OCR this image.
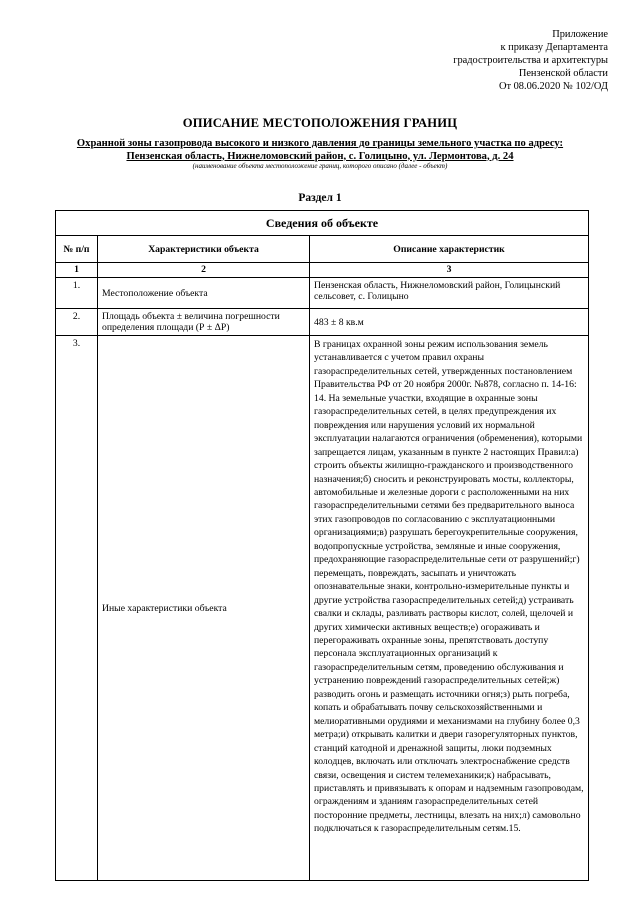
Приложение
к приказу Департамента
градостроительства и архитектуры
Пензенской области
От 08.06.2020 № 102/ОД
ОПИСАНИЕ МЕСТОПОЛОЖЕНИЯ ГРАНИЦ
Охранной зоны газопровода высокого и низкого давления до границы земельного участка по адресу:
Пензенская область, Нижнеломовский район, с. Голицыно, ул. Лермонтова, д. 24
(наименование объекта местоположение границ, которого описано (далее - объект)
Раздел 1
Сведения об объекте		
№ п/п	Характеристики объекта	Описание характеристик
1	2	3
1.	Местоположение объекта	Пензенская область, Нижнеломовский район, Голицынский сельсовет, с. Голицыно
2.	Площадь объекта ± величина погрешности определения площади (Р ± ΔР)	483 ± 8 кв.м
3.	Иные характеристики объекта	В границах охранной зоны режим использования земель устанавливается с учетом правил охраны газораспределительных сетей, утвержденных постановлением Правительства РФ от 20 ноября 2000г. №878, согласно п. 14-16: 14. На земельные участки, входящие в охранные зоны газораспределительных сетей, в целях предупреждения их повреждения или нарушения условий их нормальной эксплуатации налагаются ограничения (обременения), которыми запрещается лицам, указанным в пункте 2 настоящих Правил:а) строить объекты жилищно-гражданского и производственного назначения;б) сносить и реконструировать мосты, коллекторы, автомобильные и железные дороги с расположенными на них газораспределительными сетями без предварительного выноса этих газопроводов по согласованию с эксплуатационными организациями;в) разрушать берегоукрепительные сооружения, водопропускные устройства, земляные и иные сооружения, предохраняющие газораспределительные сети от разрушений;г) перемещать, повреждать, засыпать и уничтожать опознавательные знаки, контрольно-измерительные пункты и другие устройства газораспределительных сетей;д) устраивать свалки и склады, разливать растворы кислот, солей, щелочей и других химически активных веществ;е) огораживать и перегораживать охранные зоны, препятствовать доступу персонала эксплуатационных организаций к газораспределительным сетям, проведению обслуживания и устранению повреждений газораспределительных сетей;ж) разводить огонь и размещать источники огня;з) рыть погреба, копать и обрабатывать почву сельскохозяйственными и мелиоративными орудиями и механизмами на глубину более 0,3 метра;и) открывать калитки и двери газорегуляторных пунктов, станций катодной и дренажной защиты, люки подземных колодцев, включать или отключать электроснабжение средств связи, освещения и систем телемеханики;к) набрасывать, приставлять и привязывать к опорам и надземным газопроводам, ограждениям и зданиям газораспределительных сетей посторонние предметы, лестницы, влезать на них;л) самовольно подключаться к газораспределительным сетям.15.
